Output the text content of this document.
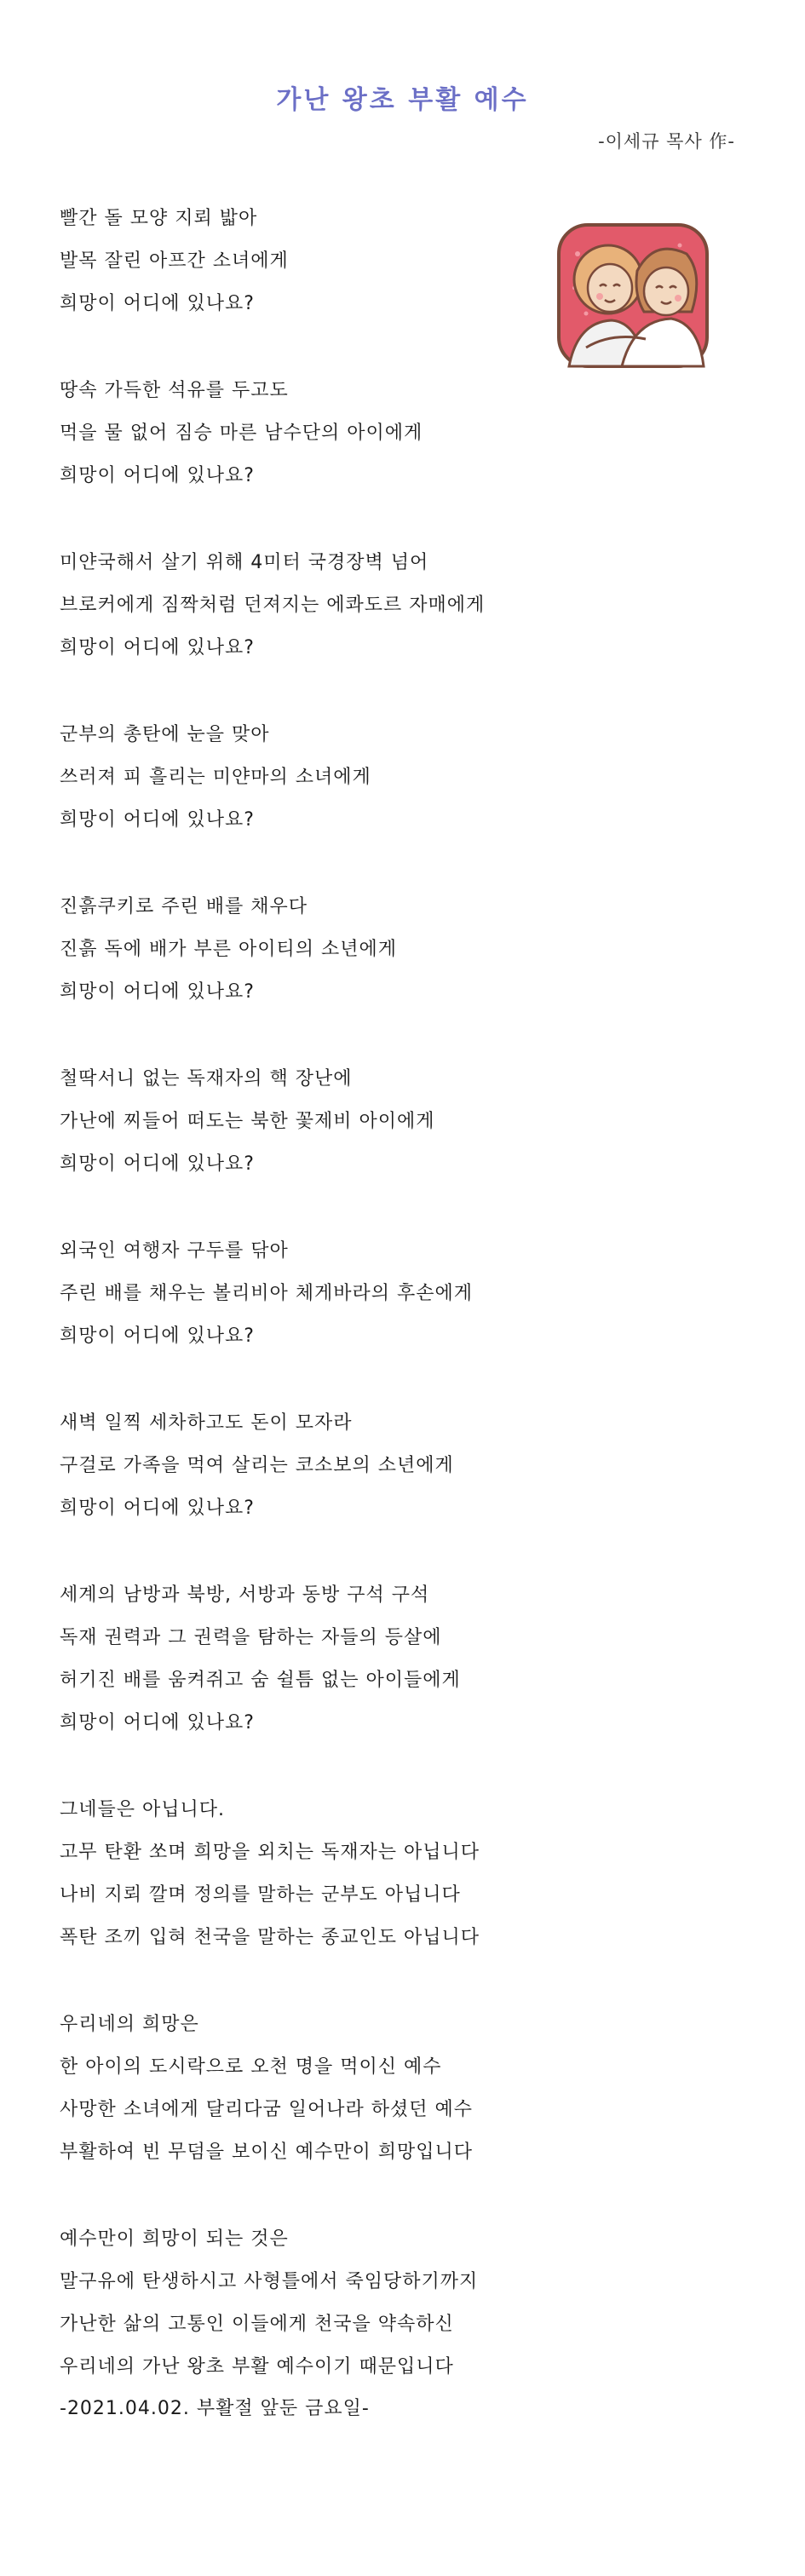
가난 왕초 부활 예수
-이세규 목사 作-
빨간 돌 모양 지뢰 밟아
발목 잘린 아프간 소녀에게
희망이 어디에 있나요?
땅속 가득한 석유를 두고도
먹을 물 없어 짐승 마른 남수단의 아이에게
희망이 어디에 있나요?
미얀국해서 살기 위해 4미터 국경장벽 넘어
브로커에게 짐짝처럼 던져지는 에콰도르 자매에게
희망이 어디에 있나요?
군부의 총탄에 눈을 맞아
쓰러져 피 흘리는 미얀마의 소녀에게
희망이 어디에 있나요?
진흙쿠키로 주린 배를 채우다
진흙 독에 배가 부른 아이티의 소년에게
희망이 어디에 있나요?
철딱서니 없는 독재자의 핵 장난에
가난에 찌들어 떠도는 북한 꽃제비 아이에게
희망이 어디에 있나요?
외국인 여행자 구두를 닦아
주린 배를 채우는 볼리비아 체게바라의 후손에게
희망이 어디에 있나요?
새벽 일찍 세차하고도 돈이 모자라
구걸로 가족을 먹여 살리는 코소보의 소년에게
희망이 어디에 있나요?
세계의 남방과 북방, 서방과 동방 구석 구석
독재 권력과 그 권력을 탐하는 자들의 등살에
허기진 배를 움켜쥐고 숨 쉴틈 없는 아이들에게
희망이 어디에 있나요?
그네들은 아닙니다.
고무 탄환 쏘며 희망을 외치는 독재자는 아닙니다
나비 지뢰 깔며 정의를 말하는 군부도 아닙니다
폭탄 조끼 입혀 천국을 말하는 종교인도 아닙니다
우리네의 희망은
한 아이의 도시락으로 오천 명을 먹이신 예수
사망한 소녀에게 달리다굼 일어나라 하셨던 예수
부활하여 빈 무덤을 보이신 예수만이 희망입니다
예수만이 희망이 되는 것은
말구유에 탄생하시고 사형틀에서 죽임당하기까지
가난한 삶의 고통인 이들에게 천국을 약속하신
우리네의 가난 왕초 부활 예수이기 때문입니다
-2021.04.02. 부활절 앞둔 금요일-
